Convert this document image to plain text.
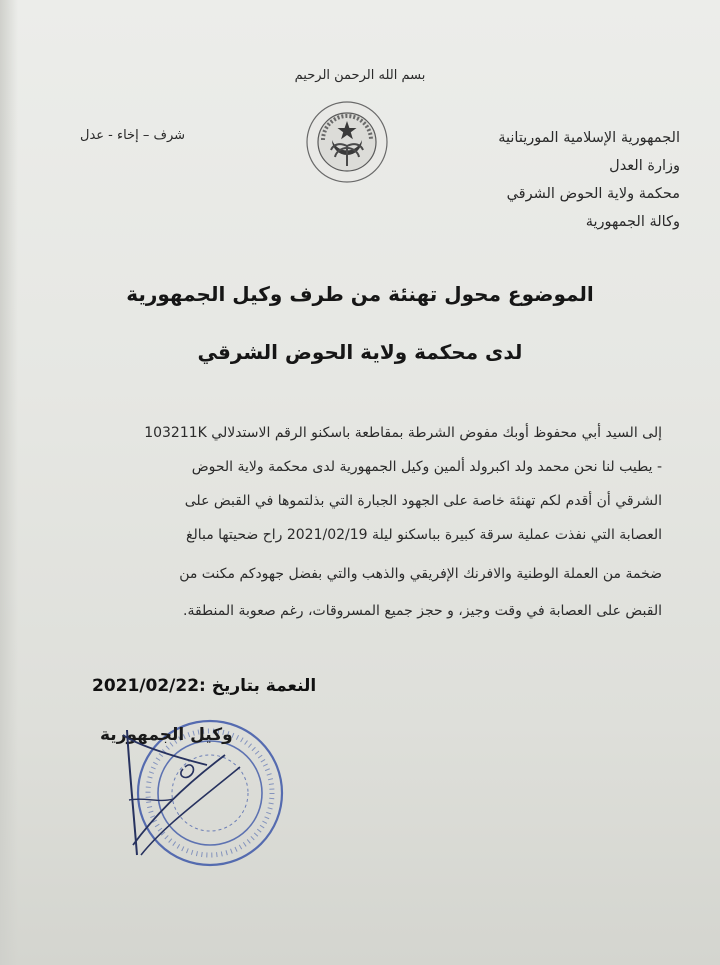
بسم الله الرحمن الرحيم
الجمهورية الإسلامية الموريتانية
وزارة العدل
محكمة ولاية الحوض الشرقي
وكالة الجمهورية
شرف – إخاء - عدل
الموضوع محول تهنئة من طرف وكيل الجمهورية
لدى محكمة ولاية الحوض الشرقي
إلى السيد أبي محفوظ أوبك مفوض الشرطة بمقاطعة باسكنو الرقم الاستدلالي 103211K
- يطيب لنا نحن محمد ولد اكبرولد ألمين وكيل الجمهورية لدى محكمة ولاية الحوض
الشرقي أن أقدم لكم تهنئة خاصة على الجهود الجبارة التي بذلتموها في القبض على
العصابة التي نفذت عملية سرقة كبيرة بباسكنو ليلة 2021/02/19 راح ضحيتها مبالغ
ضخمة من العملة الوطنية والافرنك الإفريقي والذهب والتي بفضل جهودكم مكنت من
القبض على العصابة في وقت وجيز، و حجز جميع المسروقات، رغم صعوبة المنطقة.
النعمة بتاريخ :2021/02/22
وكيل الجمهورية
